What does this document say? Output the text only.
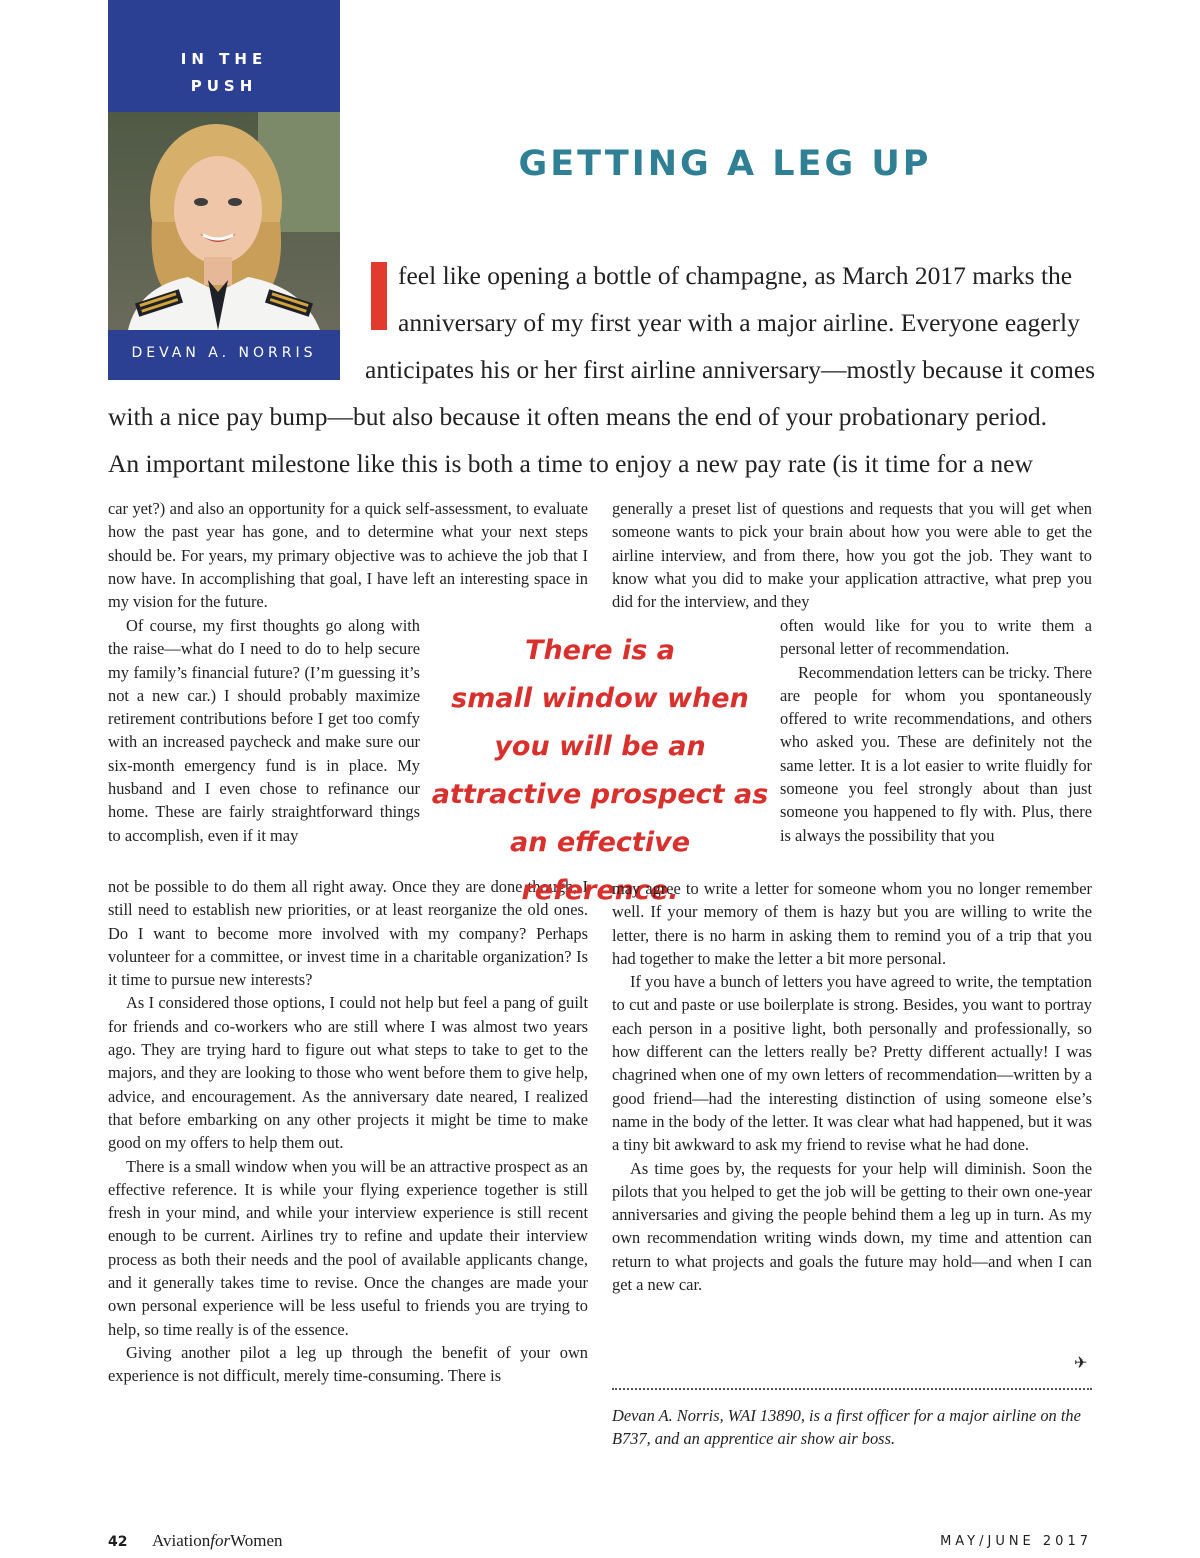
IN THE
PUSH
DEVAN A. NORRIS
GETTING A LEG UP
feel like opening a bottle of champagne, as March 2017 marks the
anniversary of my first year with a major airline. Everyone eagerly
anticipates his or her first airline anniversary—mostly because it comes
with a nice pay bump—but also because it often means the end of your probationary period.
An important milestone like this is both a time to enjoy a new pay rate (is it time for a new

car yet?) and also an opportunity for a quick self-assessment, to evaluate how the past year has gone, and to determine what your next steps should be. For years, my primary objective was to achieve the job that I now have. In accomplishing that goal, I have left an interesting space in my vision for the future.

Of course, my first thoughts go along with the raise—what do I need to do to help secure my family’s financial future? (I’m guessing it’s not a new car.) I should probably maximize retirement contributions before I get too comfy with an increased paycheck and make sure our six-month emergency fund is in place. My husband and I even chose to refinance our home. These are fairly straightforward things to accomplish, even if it may

not be possible to do them all right away. Once they are done though, I still need to establish new priorities, or at least reorganize the old ones. Do I want to become more involved with my company? Perhaps volunteer for a committee, or invest time in a charitable organization? Is it time to pursue new interests?

As I considered those options, I could not help but feel a pang of guilt for friends and co-workers who are still where I was almost two years ago. They are trying hard to figure out what steps to take to get to the majors, and they are looking to those who went before them to give help, advice, and encouragement. As the anniversary date neared, I realized that before embarking on any other projects it might be time to make good on my offers to help them out.

There is a small window when you will be an attractive prospect as an effective reference. It is while your flying experience together is still fresh in your mind, and while your interview experience is still recent enough to be current. Airlines try to refine and update their interview process as both their needs and the pool of available applicants change, and it generally takes time to revise. Once the changes are made your own personal experience will be less useful to friends you are trying to help, so time really is of the essence.

Giving another pilot a leg up through the benefit of your own experience is not difficult, merely time-consuming. There is

There is a
small window when
you will be an
attractive prospect as
an effective reference.

generally a preset list of questions and requests that you will get when someone wants to pick your brain about how you were able to get the airline interview, and from there, how you got the job. They want to know what you did to make your application attractive, what prep you did for the interview, and they

often would like for you to write them a personal letter of recommendation.

Recommendation letters can be tricky. There are people for whom you spontaneously offered to write recommendations, and others who asked you. These are definitely not the same letter. It is a lot easier to write fluidly for someone you feel strongly about than just someone you happened to fly with. Plus, there is always the possibility that you

may agree to write a letter for someone whom you no longer remember well. If your memory of them is hazy but you are willing to write the letter, there is no harm in asking them to remind you of a trip that you had together to make the letter a bit more personal.

If you have a bunch of letters you have agreed to write, the temptation to cut and paste or use boilerplate is strong. Besides, you want to portray each person in a positive light, both personally and professionally, so how different can the letters really be? Pretty different actually! I was chagrined when one of my own letters of recommendation—written by a good friend—had the interesting distinction of using someone else’s name in the body of the letter. It was clear what had happened, but it was a tiny bit awkward to ask my friend to revise what he had done.

As time goes by, the requests for your help will diminish. Soon the pilots that you helped to get the job will be getting to their own one-year anniversaries and giving the people behind them a leg up in turn. As my own recommendation writing winds down, my time and attention can return to what projects and goals the future may hold—and when I can get a new car.

✈

Devan A. Norris, WAI 13890, is a first officer for a major airline on the B737, and an apprentice air show air boss.

42 AviationforWomen	MAY/JUNE 2017
